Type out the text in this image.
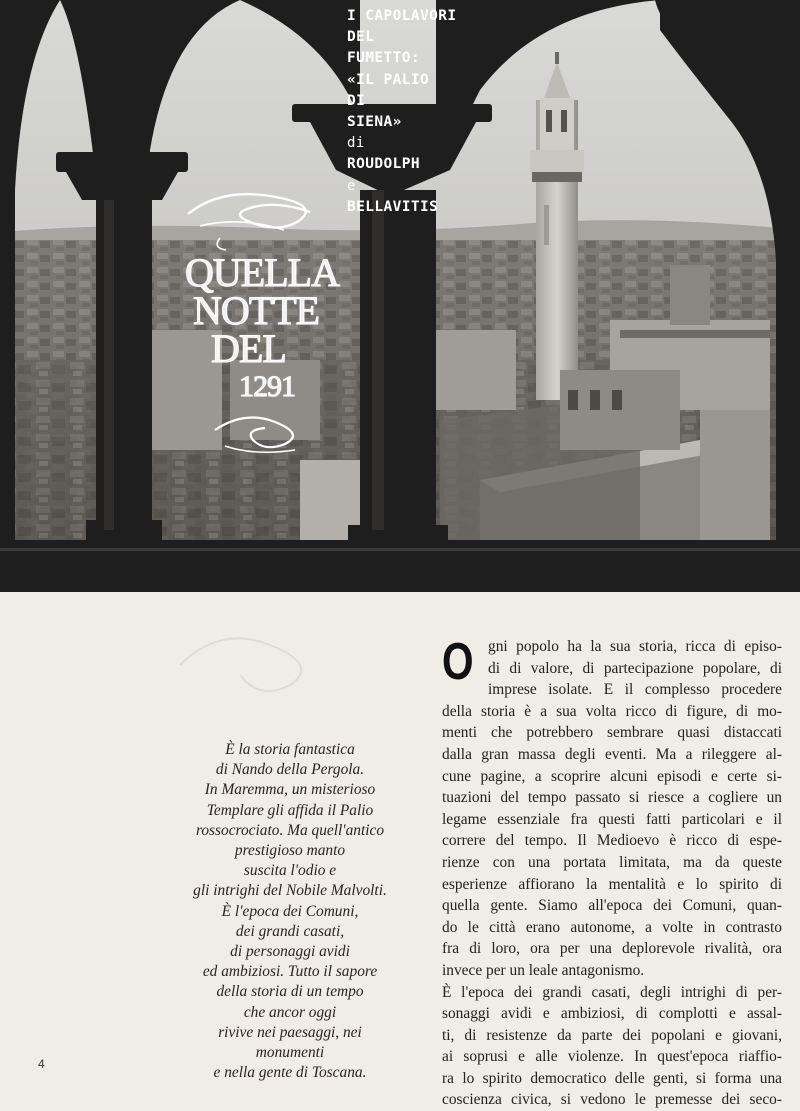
I CAPOLAVORI
DEL
FUMETTO:
«IL PALIO
DI
SIENA»
di
ROUDOLPH
e
BELLAVITIS
QUELLA
NOTTE
DEL
1291
È la storia fantastica
di Nando della Pergola.
In Maremma, un misterioso
Templare gli affida il Palio
rossocrociato. Ma quell'antico
prestigioso manto
suscita l'odio e
gli intrighi del Nobile Malvolti.
È l'epoca dei Comuni,
dei grandi casati,
di personaggi avidi
ed ambiziosi. Tutto il sapore
della storia di un tempo
che ancor oggi
rivive nei paesaggi, nei
monumenti
e nella gente di Toscana.
O gni popolo ha la sua storia, ricca di episo-
di di valore, di partecipazione popolare, di
imprese isolate. E il complesso procedere
della storia è a sua volta ricco di figure, di mo-
menti che potrebbero sembrare quasi distaccati
dalla gran massa degli eventi. Ma a rileggere al-
cune pagine, a scoprire alcuni episodi e certe si-
tuazioni del tempo passato si riesce a cogliere un
legame essenziale fra questi fatti particolari e il
correre del tempo. Il Medioevo è ricco di espe-
rienze con una portata limitata, ma da queste
esperienze affiorano la mentalità e lo spirito di
quella gente. Siamo all'epoca dei Comuni, quan-
do le città erano autonome, a volte in contrasto
fra di loro, ora per una deplorevole rivalità, ora
invece per un leale antagonismo.
È l'epoca dei grandi casati, degli intrighi di per-
sonaggi avidi e ambiziosi, di complotti e assal-
ti, di resistenze da parte dei popolani e giovani,
ai soprusi e alle violenze. In quest'epoca riaffio-
ra lo spirito democratico delle genti, si forma una
coscienza civica, si vedono le premesse dei seco-
4
